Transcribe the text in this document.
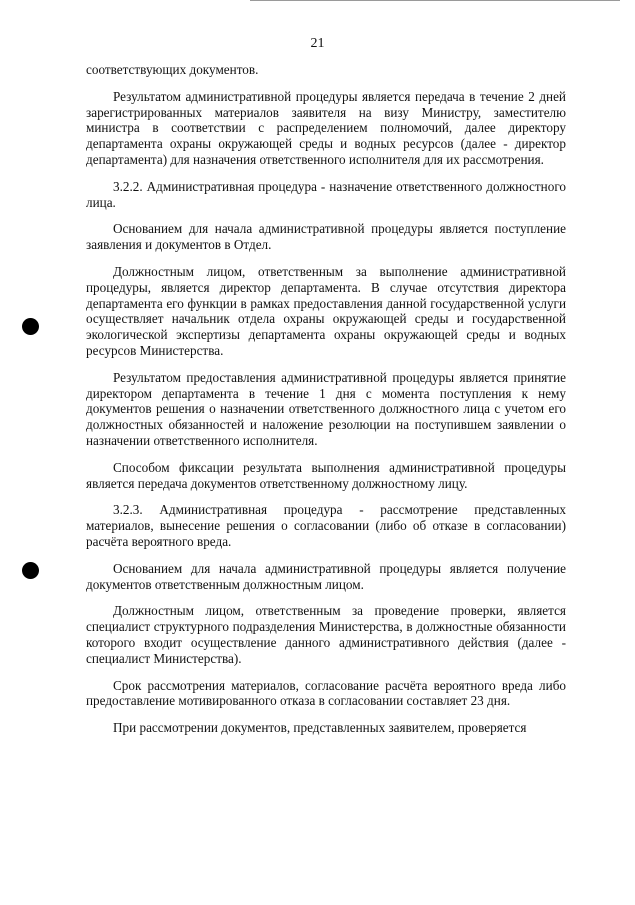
21

соответствующих документов.

Результатом административной процедуры является передача в течение 2 дней зарегистрированных материалов заявителя на визу Министру, заместителю министра в соответствии с распределением полномочий, далее директору департамента охраны окружающей среды и водных ресурсов (далее - директор департамента) для назначения ответственного исполнителя для их рассмотрения.

3.2.2. Административная процедура - назначение ответственного должностного лица.

Основанием для начала административной процедуры является поступление заявления и документов в Отдел.

Должностным лицом, ответственным за выполнение административной процедуры, является директор департамента. В случае отсутствия директора департамента его функции в рамках предоставления данной государственной услуги осуществляет начальник отдела охраны окружающей среды и государственной экологической экспертизы департамента охраны окружающей среды и водных ресурсов Министерства.

Результатом предоставления административной процедуры является принятие директором департамента в течение 1 дня с момента поступления к нему документов решения о назначении ответственного должностного лица с учетом его должностных обязанностей и наложение резолюции на поступившем заявлении о назначении ответственного исполнителя.

Способом фиксации результата выполнения административной процедуры является передача документов ответственному должностному лицу.

3.2.3. Административная процедура - рассмотрение представленных материалов, вынесение решения о согласовании (либо об отказе в согласовании) расчёта вероятного вреда.

Основанием для начала административной процедуры является получение документов ответственным должностным лицом.

Должностным лицом, ответственным за проведение проверки, является специалист структурного подразделения Министерства, в должностные обязанности которого входит осуществление данного административного действия (далее - специалист Министерства).

Срок рассмотрения материалов, согласование расчёта вероятного вреда либо предоставление мотивированного отказа в согласовании составляет 23 дня.

При рассмотрении документов, представленных заявителем, проверяется
